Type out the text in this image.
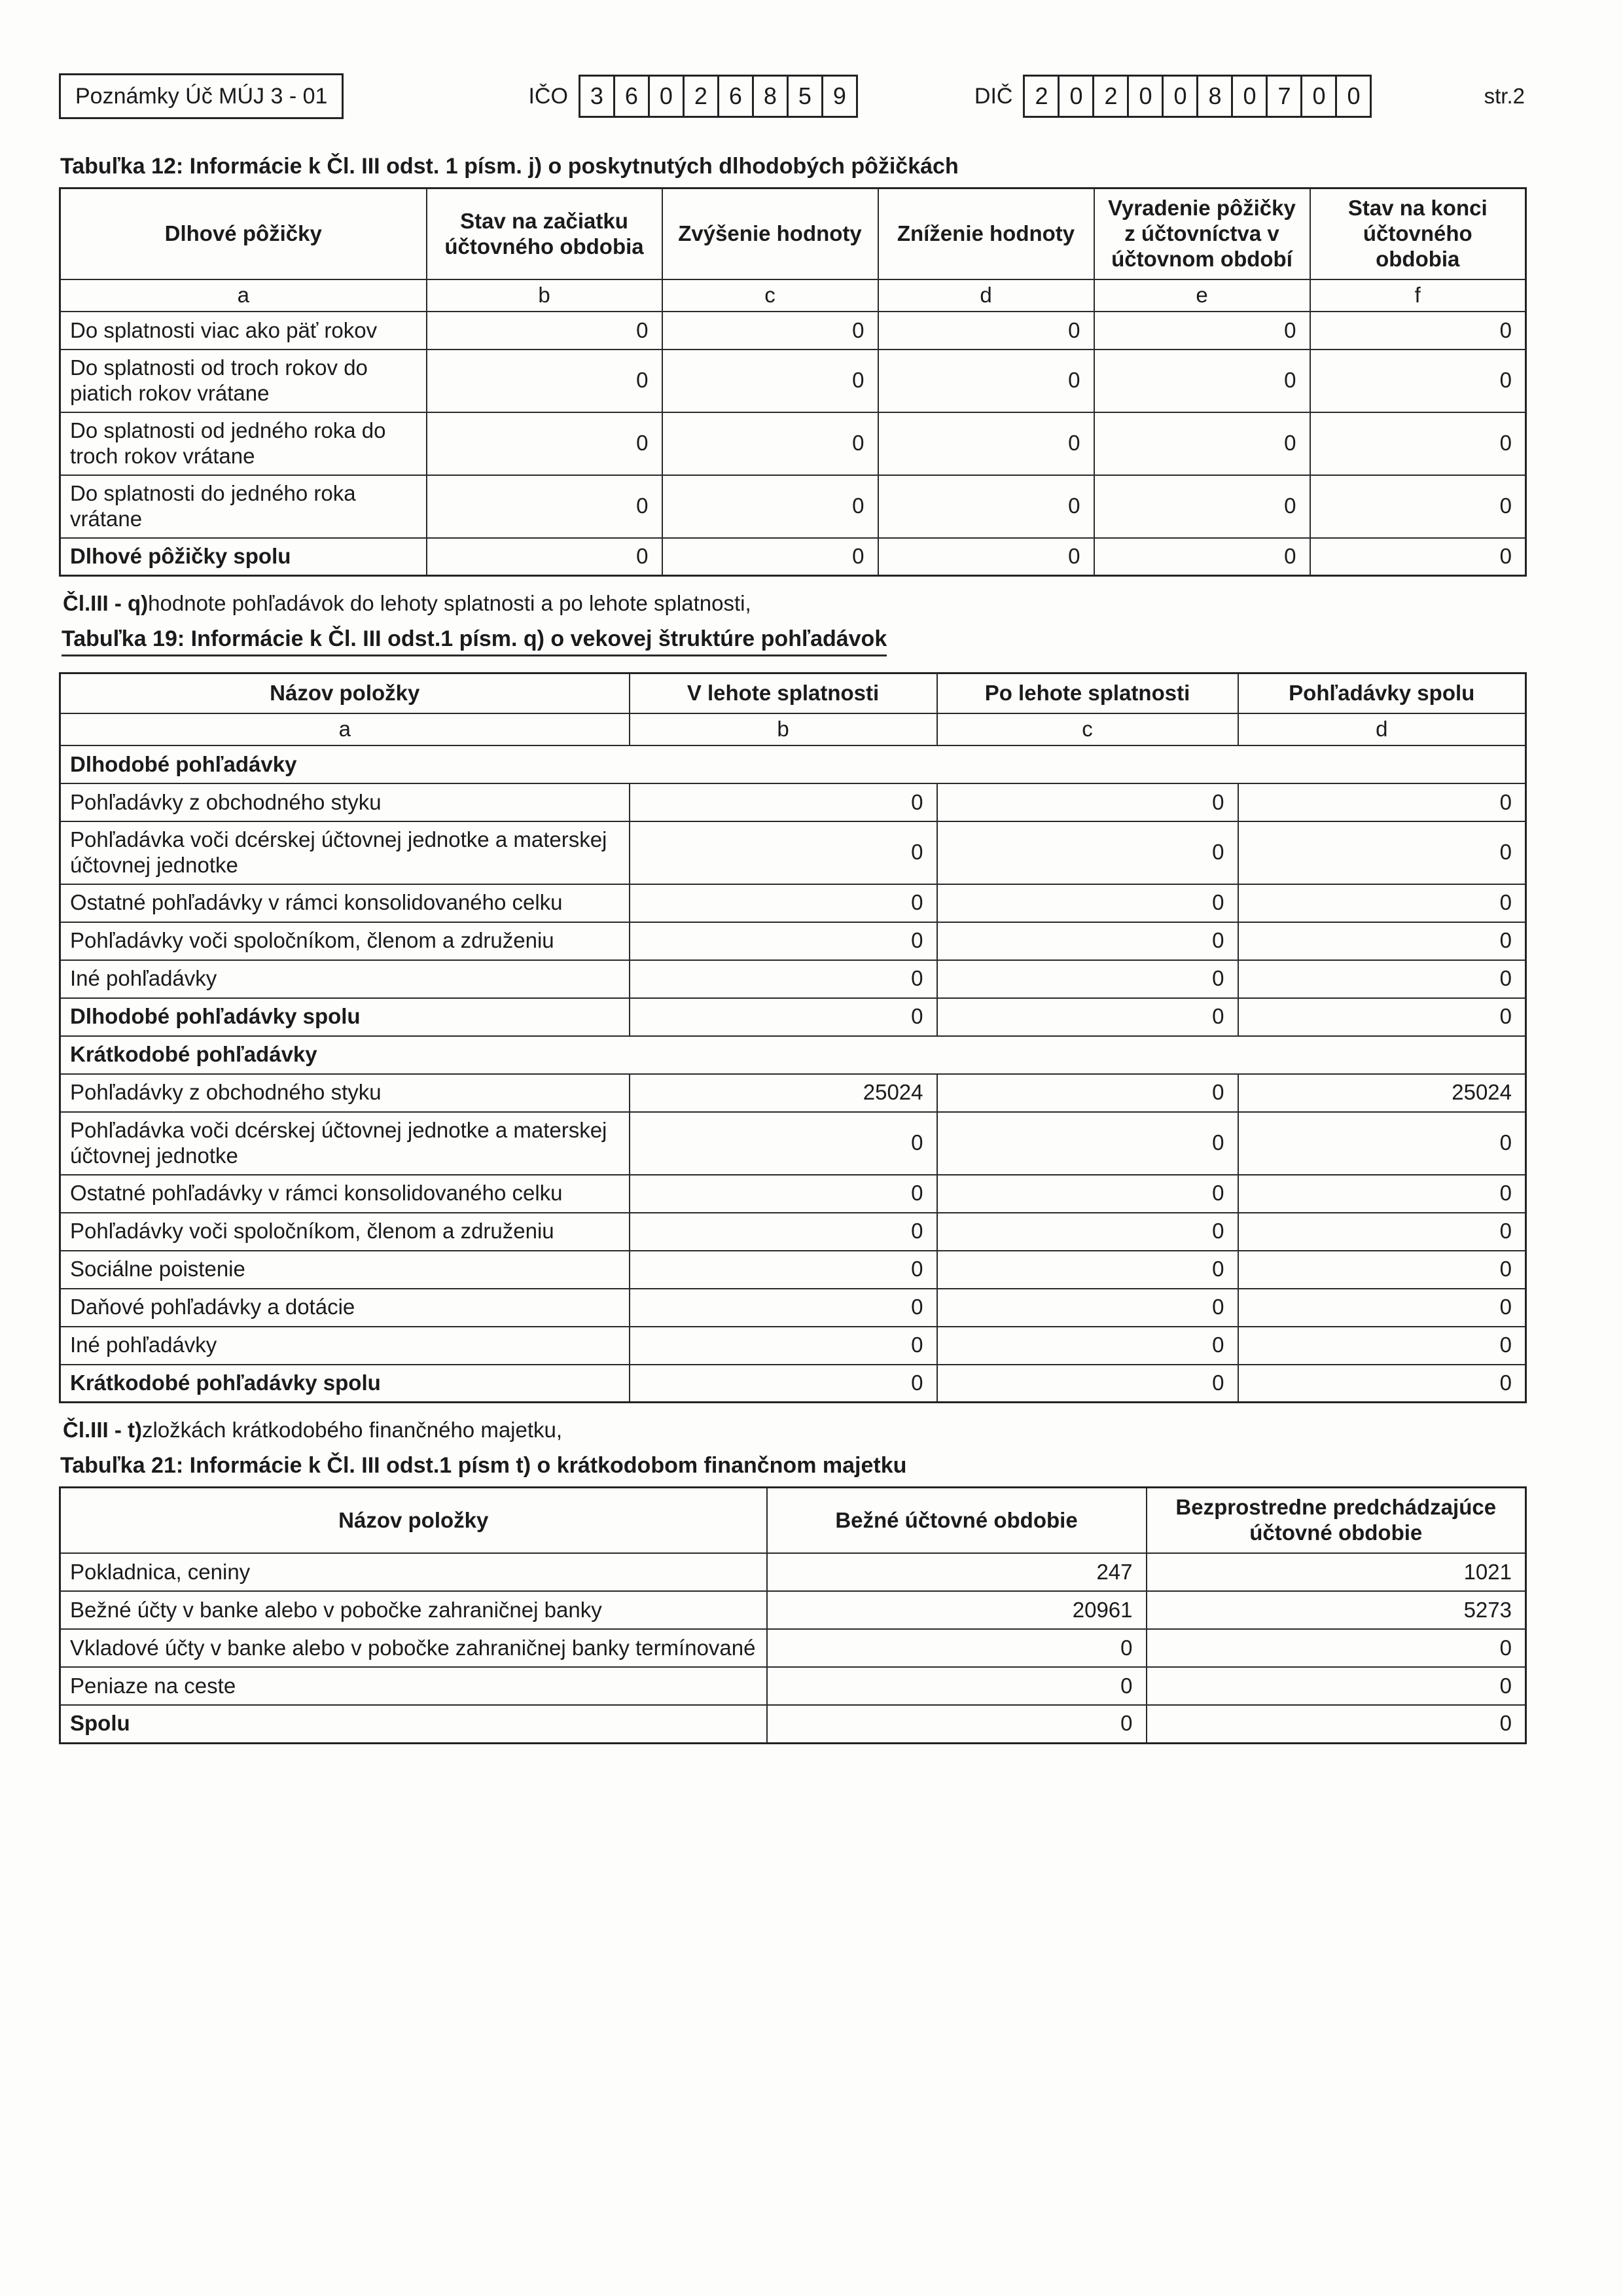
Poznámky Úč MÚJ 3 - 01	IČO 3 6 0 2 6 8 5 9	DIČ 2 0 2 0 0 8 0 7 0 0	str.2
Tabuľka 12: Informácie k Čl. III odst. 1 písm. j) o poskytnutých dlhodobých pôžičkách
Dlhové pôžičky	Stav na začiatku účtovného obdobia	Zvýšenie hodnoty	Zníženie hodnoty	Vyradenie pôžičky z účtovníctva v účtovnom období	Stav na konci účtovného obdobia
a	b	c	d	e	f
Do splatnosti viac ako päť rokov	0	0	0	0	0
Do splatnosti od troch rokov do piatich rokov vrátane	0	0	0	0	0
Do splatnosti od jedného roka do troch rokov vrátane	0	0	0	0	0
Do splatnosti do jedného roka vrátane	0	0	0	0	0
Dlhové pôžičky spolu	0	0	0	0	0
Čl.III - q)hodnote pohľadávok do lehoty splatnosti a po lehote splatnosti,
Tabuľka 19: Informácie k Čl. III odst.1 písm. q) o vekovej štruktúre pohľadávok
Názov položky	V lehote splatnosti	Po lehote splatnosti	Pohľadávky spolu
a	b	c	d
Dlhodobé pohľadávky			
Pohľadávky z obchodného styku	0	0	0
Pohľadávka voči dcérskej účtovnej jednotke a materskej účtovnej jednotke	0	0	0
Ostatné pohľadávky v rámci konsolidovaného celku	0	0	0
Pohľadávky voči spoločníkom, členom a združeniu	0	0	0
Iné pohľadávky	0	0	0
Dlhodobé pohľadávky spolu	0	0	0
Krátkodobé pohľadávky			
Pohľadávky z obchodného styku	25024	0	25024
Pohľadávka voči dcérskej účtovnej jednotke a materskej účtovnej jednotke	0	0	0
Ostatné pohľadávky v rámci konsolidovaného celku	0	0	0
Pohľadávky voči spoločníkom, členom a združeniu	0	0	0
Sociálne poistenie	0	0	0
Daňové pohľadávky a dotácie	0	0	0
Iné pohľadávky	0	0	0
Krátkodobé pohľadávky spolu	0	0	0
Čl.III - t)zložkách krátkodobého finančného majetku,
Tabuľka 21: Informácie k Čl. III odst.1 písm t) o krátkodobom finančnom majetku
Názov položky	Bežné účtovné obdobie	Bezprostredne predchádzajúce účtovné obdobie
Pokladnica, ceniny	247	1021
Bežné účty v banke alebo v pobočke zahraničnej banky	20961	5273
Vkladové účty v banke alebo v pobočke zahraničnej banky termínované	0	0
Peniaze na ceste	0	0
Spolu	0	0
